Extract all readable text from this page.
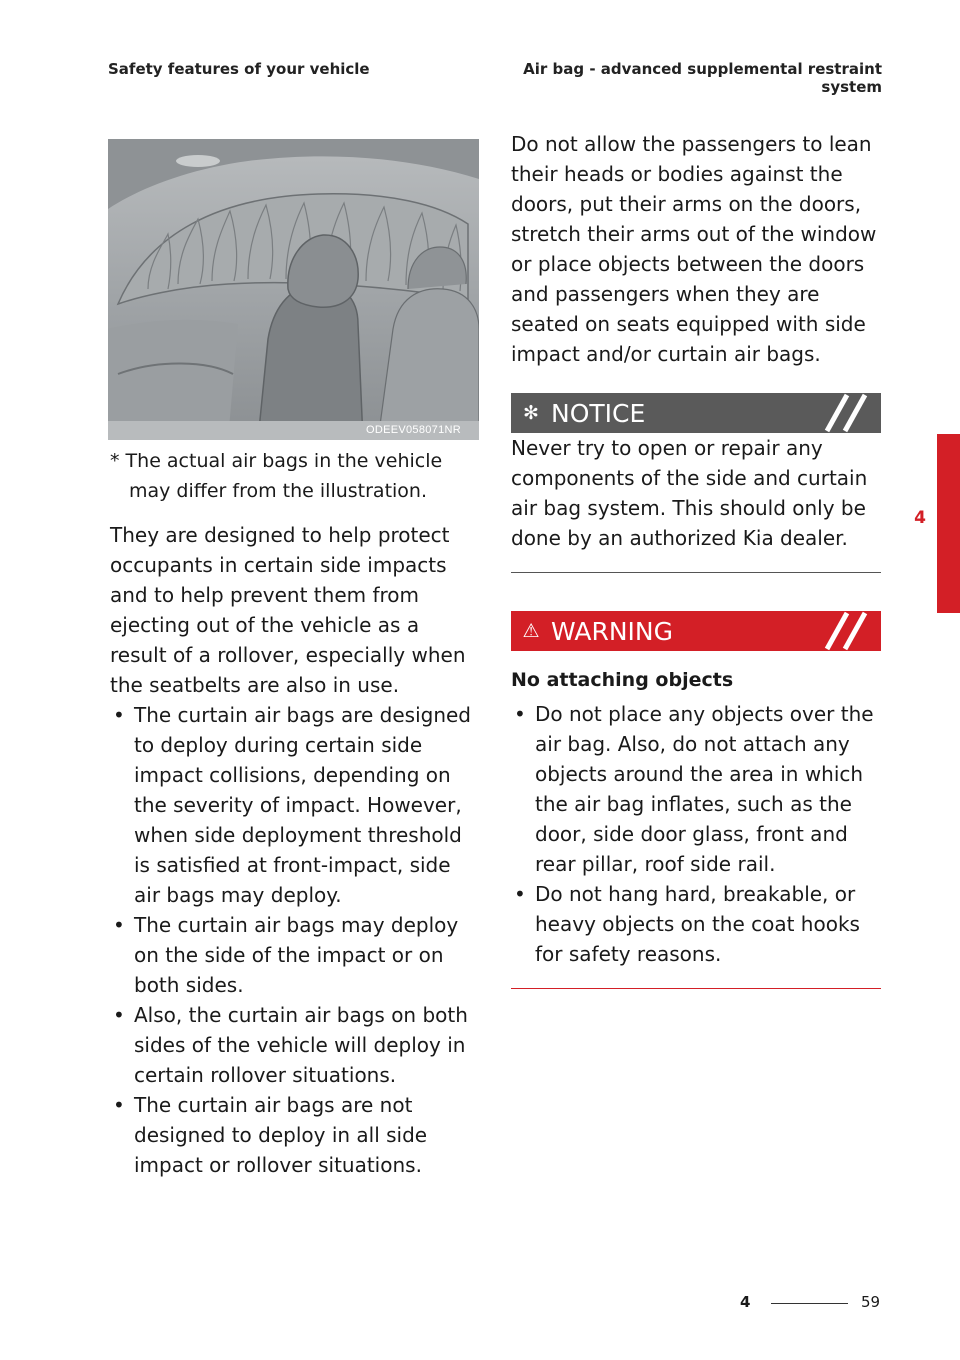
Safety features of your vehicle	Air bag - advanced supplemental restraint
system
ODEEV058071NR

* The actual air bags in the vehicle may differ from the illustration.

They are designed to help protect occupants in certain side impacts and to help prevent them from ejecting out of the vehicle as a result of a rollover, especially when the seatbelts are also in use.

• The curtain air bags are designed to deploy during certain side impact collisions, depending on the severity of impact. However, when side deployment threshold is satisfied at front-impact, side air bags may deploy.
• The curtain air bags may deploy on the side of the impact or on both sides.
• Also, the curtain air bags on both sides of the vehicle will deploy in certain rollover situations.
• The curtain air bags are not designed to deploy in all side impact or rollover situations.

Do not allow the passengers to lean their heads or bodies against the doors, put their arms on the doors, stretch their arms out of the window or place objects between the doors and passengers when they are seated on seats equipped with side impact and/or curtain air bags.

✻ NOTICE

Never try to open or repair any components of the side and curtain air bag system. This should only be done by an authorized Kia dealer.

⚠ WARNING
No attaching objects
• Do not place any objects over the air bag. Also, do not attach any objects around the area in which the air bag inflates, such as the door, side door glass, front and rear pillar, roof side rail.
• Do not hang hard, breakable, or heavy objects on the coat hooks for safety reasons.
4
4	59
